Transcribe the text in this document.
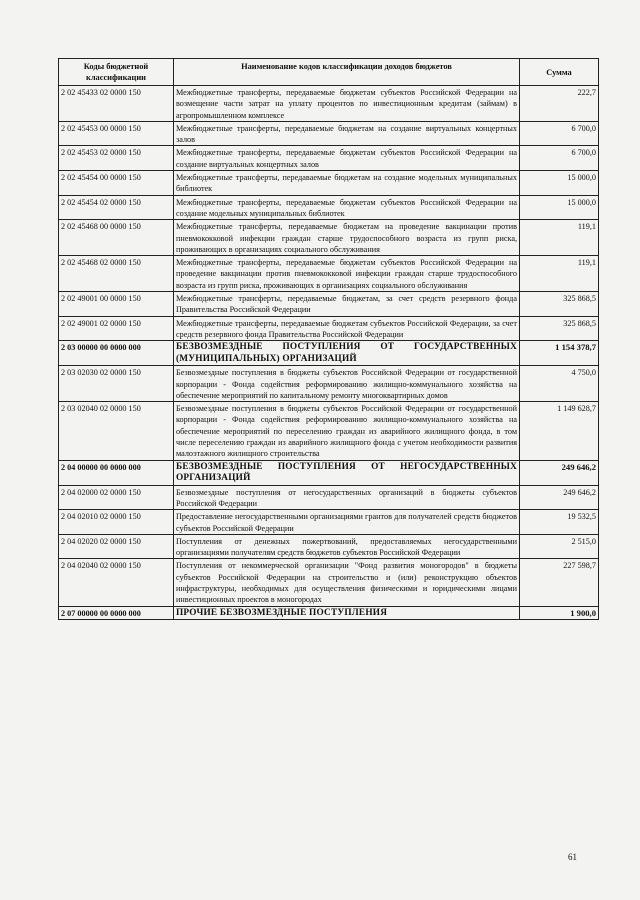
Коды бюджетной классификации	Наименование кодов классификации доходов бюджетов	Сумма
2 02 45433 02 0000 150	Межбюджетные трансферты, передаваемые бюджетам субъектов Российской Федерации на возмещение части затрат на уплату процентов по инвестиционным кредитам (займам) в агропромышленном комплексе	222,7
2 02 45453 00 0000 150	Межбюджетные трансферты, передаваемые бюджетам на создание виртуальных концертных залов	6 700,0
2 02 45453 02 0000 150	Межбюджетные трансферты, передаваемые бюджетам субъектов Российской Федерации на создание виртуальных концертных залов	6 700,0
2 02 45454 00 0000 150	Межбюджетные трансферты, передаваемые бюджетам на создание модельных муниципальных библиотек	15 000,0
2 02 45454 02 0000 150	Межбюджетные трансферты, передаваемые бюджетам субъектов Российской Федерации на создание модельных муниципальных библиотек	15 000,0
2 02 45468 00 0000 150	Межбюджетные трансферты, передаваемые бюджетам на проведение вакцинации против пневмококковой инфекции граждан старше трудоспособного возраста из групп риска, проживающих в организациях социального обслуживания	119,1
2 02 45468 02 0000 150	Межбюджетные трансферты, передаваемые бюджетам субъектов Российской Федерации на проведение вакцинации против пневмококковой инфекции граждан старше трудоспособного возраста из групп риска, проживающих в организациях социального обслуживания	119,1
2 02 49001 00 0000 150	Межбюджетные трансферты, передаваемые бюджетам, за счет средств резервного фонда Правительства Российской Федерации	325 868,5
2 02 49001 02 0000 150	Межбюджетные трансферты, передаваемые бюджетам субъектов Российской Федерации, за счет средств резервного фонда Правительства Российской Федерации	325 868,5
2 03 00000 00 0000 000	БЕЗВОЗМЕЗДНЫЕ ПОСТУПЛЕНИЯ ОТ ГОСУДАРСТВЕННЫХ (МУНИЦИПАЛЬНЫХ) ОРГАНИЗАЦИЙ	1 154 378,7
2 03 02030 02 0000 150	Безвозмездные поступления в бюджеты субъектов Российской Федерации от государственной корпорации - Фонда содействия реформированию жилищно-коммунального хозяйства на обеспечение мероприятий по капитальному ремонту многоквартирных домов	4 750,0
2 03 02040 02 0000 150	Безвозмездные поступления в бюджеты субъектов Российской Федерации от государственной корпорации - Фонда содействия реформированию жилищно-коммунального хозяйства на обеспечение мероприятий по переселению граждан из аварийного жилищного фонда, в том числе переселению граждан из аварийного жилищного фонда с учетом необходимости развития малоэтажного жилищного строительства	1 149 628,7
2 04 00000 00 0000 000	БЕЗВОЗМЕЗДНЫЕ ПОСТУПЛЕНИЯ ОТ НЕГОСУДАРСТВЕННЫХ ОРГАНИЗАЦИЙ	249 646,2
2 04 02000 02 0000 150	Безвозмездные поступления от негосударственных организаций в бюджеты субъектов Российской Федерации	249 646,2
2 04 02010 02 0000 150	Предоставление негосударственными организациями грантов для получателей средств бюджетов субъектов Российской Федерации	19 532,5
2 04 02020 02 0000 150	Поступления от денежных пожертвований, предоставляемых негосударственными организациями получателям средств бюджетов субъектов Российской Федерации	2 515,0
2 04 02040 02 0000 150	Поступления от некоммерческой организации "Фонд развития моногородов" в бюджеты субъектов Российской Федерации на строительство и (или) реконструкцию объектов инфраструктуры, необходимых для осуществления физическими и юридическими лицами инвестиционных проектов в моногородах	227 598,7
2 07 00000 00 0000 000	ПРОЧИЕ БЕЗВОЗМЕЗДНЫЕ ПОСТУПЛЕНИЯ	1 900,0
61
